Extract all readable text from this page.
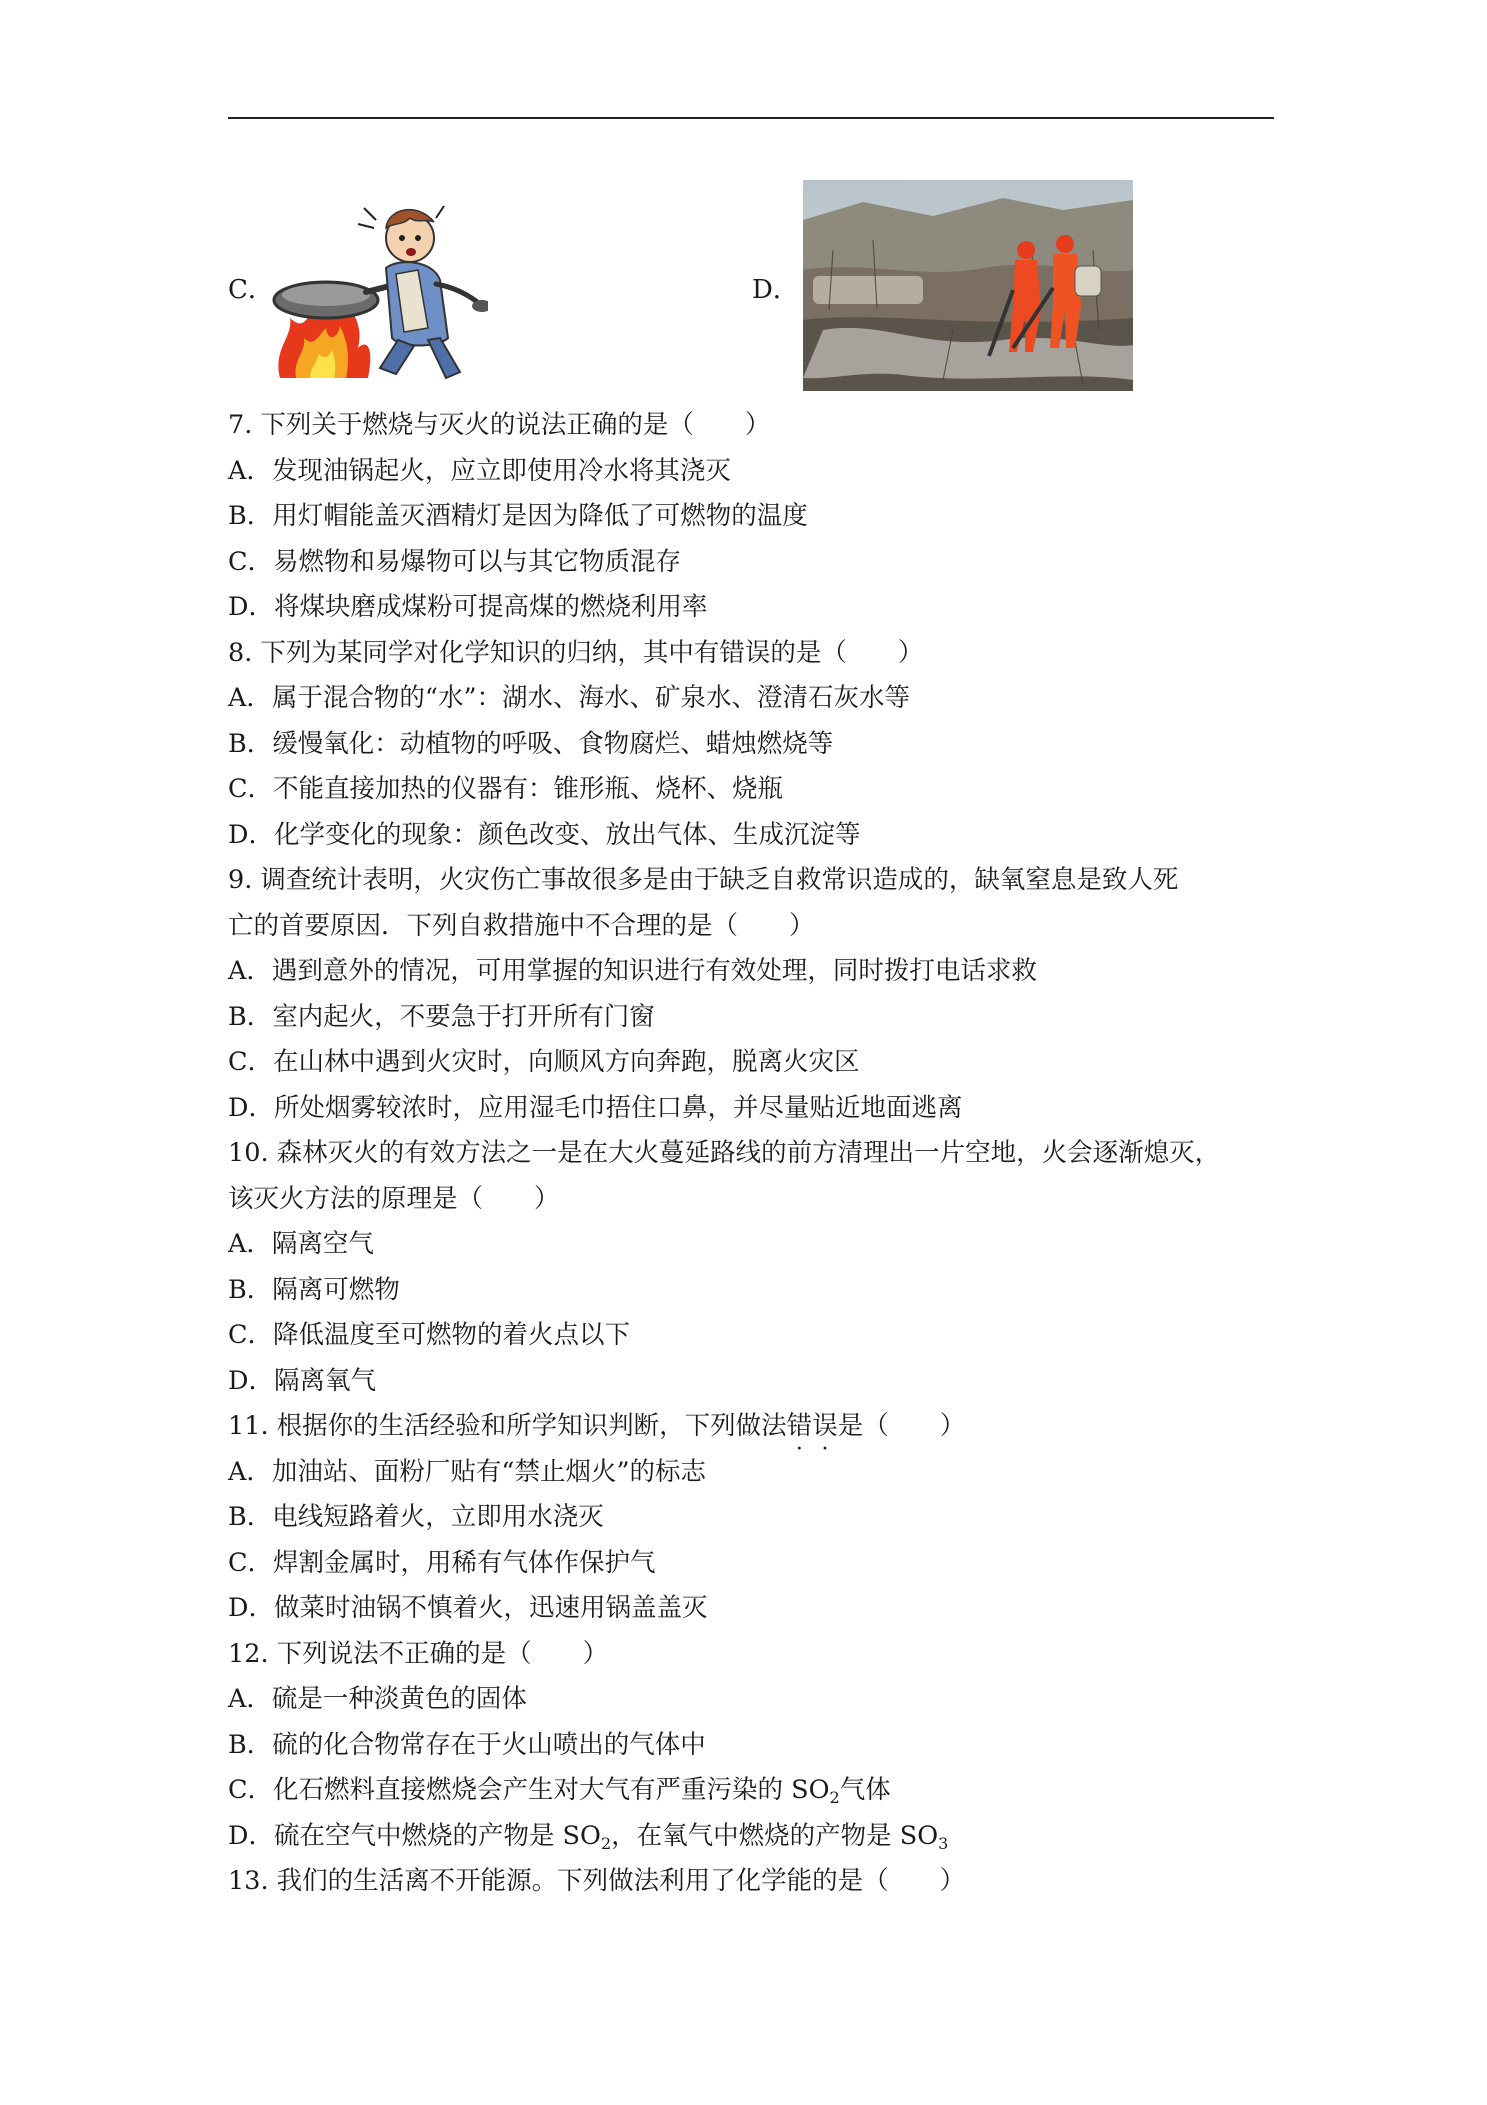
C．	D．
7. 下列关于燃烧与灭火的说法正确的是（　　）
A．发现油锅起火，应立即使用冷水将其浇灭
B．用灯帽能盖灭酒精灯是因为降低了可燃物的温度
C．易燃物和易爆物可以与其它物质混存
D．将煤块磨成煤粉可提高煤的燃烧利用率
8. 下列为某同学对化学知识的归纳，其中有错误的是（　　）
A．属于混合物的“水”：湖水、海水、矿泉水、澄清石灰水等
B．缓慢氧化：动植物的呼吸、食物腐烂、蜡烛燃烧等
C．不能直接加热的仪器有：锥形瓶、烧杯、烧瓶
D．化学变化的现象：颜色改变、放出气体、生成沉淀等
9. 调查统计表明，火灾伤亡事故很多是由于缺乏自救常识造成的，缺氧窒息是致人死
亡的首要原因．下列自救措施中不合理的是（　　）
A．遇到意外的情况，可用掌握的知识进行有效处理，同时拨打电话求救
B．室内起火，不要急于打开所有门窗
C．在山林中遇到火灾时，向顺风方向奔跑，脱离火灾区
D．所处烟雾较浓时，应用湿毛巾捂住口鼻，并尽量贴近地面逃离
10. 森林灭火的有效方法之一是在大火蔓延路线的前方清理出一片空地，火会逐渐熄灭，
该灭火方法的原理是（　　）
A．隔离空气
B．隔离可燃物
C．降低温度至可燃物的着火点以下
D．隔离氧气
11. 根据你的生活经验和所学知识判断，下列做法错误是（　　）
A．加油站、面粉厂贴有“禁止烟火”的标志
B．电线短路着火，立即用水浇灭
C．焊割金属时，用稀有气体作保护气
D．做菜时油锅不慎着火，迅速用锅盖盖灭
12. 下列说法不正确的是（　　）
A．硫是一种淡黄色的固体
B．硫的化合物常存在于火山喷出的气体中
C．化石燃料直接燃烧会产生对大气有严重污染的 $SO_2$气体
D．硫在空气中燃烧的产物是 $SO_2$，在氧气中燃烧的产物是 $SO_3$
13. 我们的生活离不开能源。下列做法利用了化学能的是（　　）
